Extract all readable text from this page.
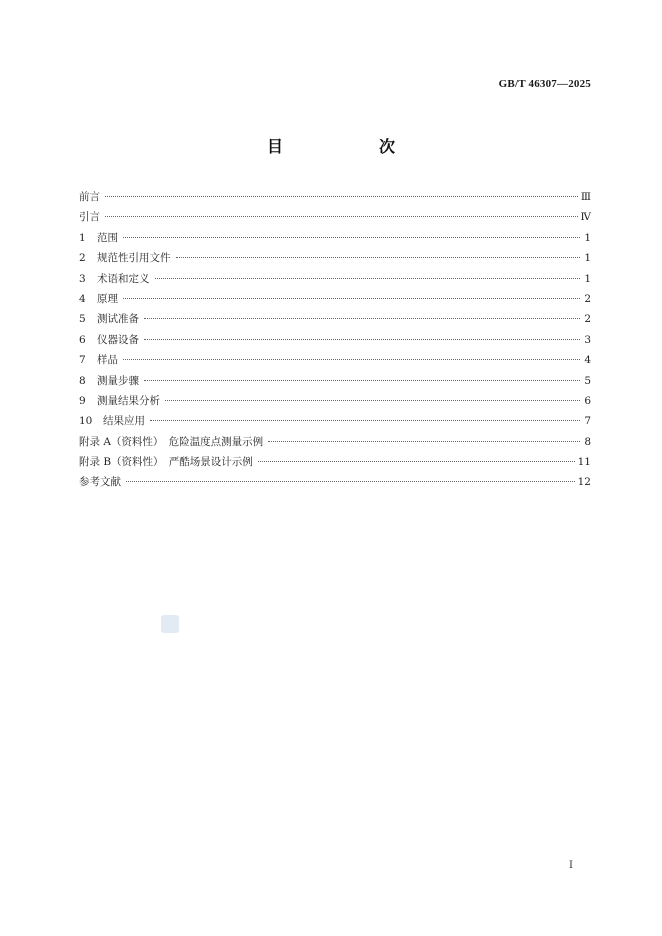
GB/T 46307—2025
目　次
前言	Ⅲ
引言	Ⅳ
1	范围	1
2	规范性引用文件	1
3	术语和定义	1
4	原理	2
5	测试准备	2
6	仪器设备	3
7	样品	4
8	测量步骤	5
9	测量结果分析	6
10	结果应用	7
附录 A（资料性）　危险温度点测量示例	8
附录 B（资料性）　严酷场景设计示例	11
参考文献	12
Ⅰ
